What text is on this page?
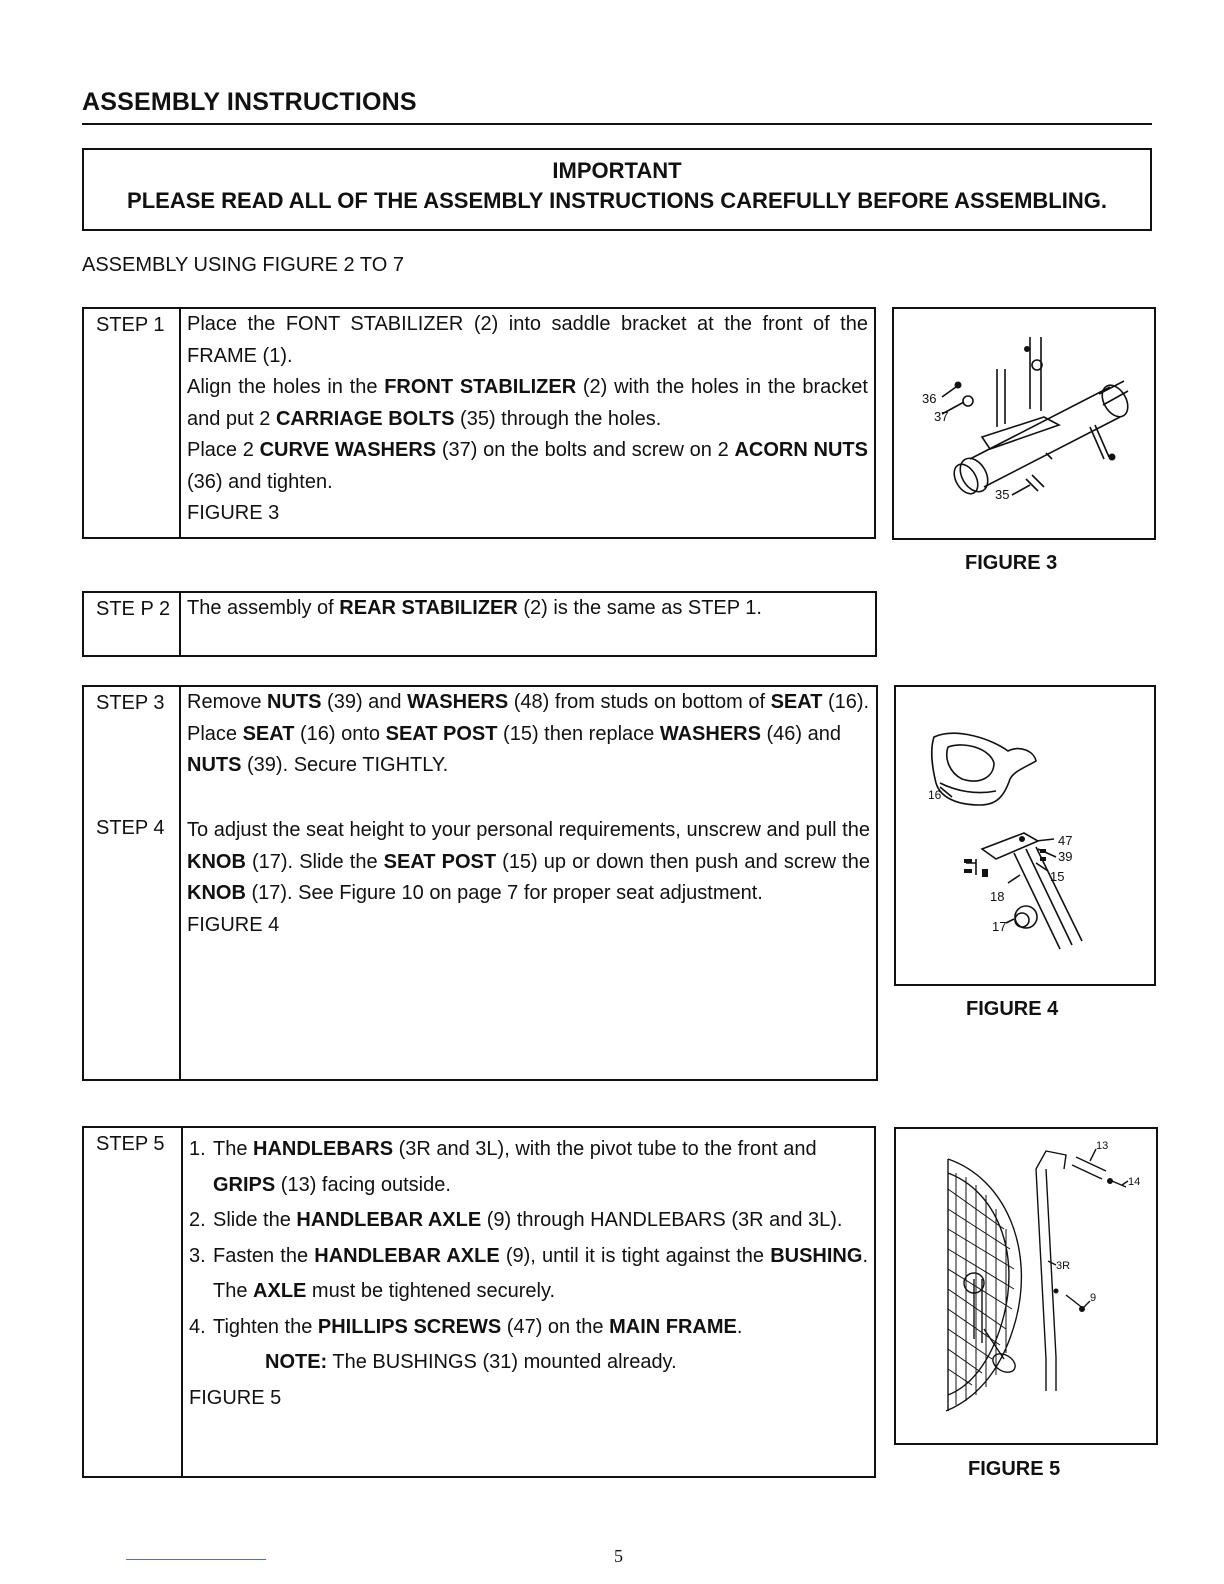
ASSEMBLY INSTRUCTIONS
IMPORTANT
PLEASE READ ALL OF THE ASSEMBLY INSTRUCTIONS CAREFULLY BEFORE ASSEMBLING.
ASSEMBLY USING FIGURE 2 TO 7
STEP 1 Place the FONT STABILIZER (2) into saddle bracket at the front of the FRAME (1).

Align the holes in the FRONT STABILIZER (2) with the holes in the bracket and put 2 CARRIAGE BOLTS (35) through the holes.

Place 2 CURVE WASHERS (37) on the bolts and screw on 2 ACORN NUTS (36) and tighten.

FIGURE 3

36
37
35
FIGURE 3
STE P 2 The assembly of REAR STABILIZER (2) is the same as STEP 1.

STEP 3 Remove NUTS (39) and WASHERS (48) from studs on bottom of SEAT (16). Place SEAT (16) onto SEAT POST (15) then replace WASHERS (46) and NUTS (39). Secure TIGHTLY.

STEP 4 To adjust the seat height to your personal requirements, unscrew and pull the KNOB (17). Slide the SEAT POST (15) up or down then push and screw the KNOB (17). See Figure 10 on page 7 for proper seat adjustment.

FIGURE 4

16
47
39
15
18
17
FIGURE 4
STEP 5 1. The HANDLEBARS (3R and 3L), with the pivot tube to the front and GRIPS (13) facing outside.
2. Slide the HANDLEBAR AXLE (9) through HANDLEBARS (3R and 3L).
3. Fasten the HANDLEBAR AXLE (9), until it is tight against the BUSHING. The AXLE must be tightened securely.
4. Tighten the PHILLIPS SCREWS (47) on the MAIN FRAME.

NOTE: The BUSHINGS (31) mounted already.

FIGURE 5

13
14
3R
9
FIGURE 5
5
